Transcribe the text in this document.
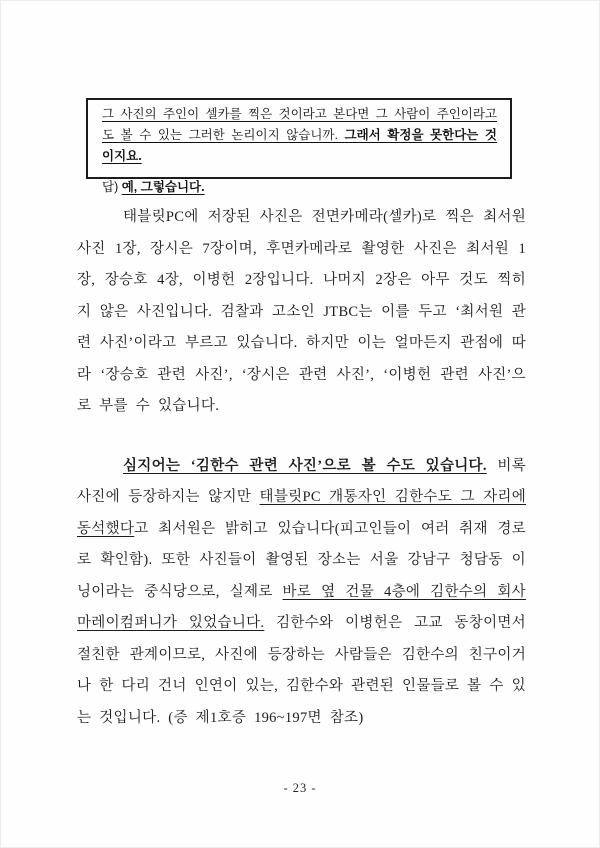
그 사진의 주인이 셀카를 찍은 것이라고 본다면 그 사람이 주인이라고도 볼 수 있는 그러한 논리이지 않습니까. 그래서 확정을 못한다는 것이지요.

답) 예, 그렇습니다.

태블릿PC에 저장된 사진은 전면카메라(셀카)로 찍은 최서원 사진 1장, 장시은 7장이며, 후면카메라로 촬영한 사진은 최서원 1장, 장승호 4장, 이병헌 2장입니다. 나머지 2장은 아무 것도 찍히지 않은 사진입니다. 검찰과 고소인 JTBC는 이를 두고 ‘최서원 관련 사진’이라고 부르고 있습니다. 하지만 이는 얼마든지 관점에 따라 ‘장승호 관련 사진’, ‘장시은 관련 사진’, ‘이병헌 관련 사진’으로 부를 수 있습니다.

심지어는 ‘김한수 관련 사진’으로 볼 수도 있습니다. 비록 사진에 등장하지는 않지만 태블릿PC 개통자인 김한수도 그 자리에 동석했다고 최서원은 밝히고 있습니다(피고인들이 여러 취재 경로로 확인함). 또한 사진들이 촬영된 장소는 서울 강남구 청담동 이닝이라는 중식당으로, 실제로 바로 옆 건물 4층에 김한수의 회사 마레이컴퍼니가 있었습니다. 김한수와 이병헌은 고교 동창이면서 절친한 관계이므로, 사진에 등장하는 사람들은 김한수의 친구이거나 한 다리 건너 인연이 있는, 김한수와 관련된 인물들로 볼 수 있는 것입니다. (증 제1호증 196~197면 참조)

- 23 -
